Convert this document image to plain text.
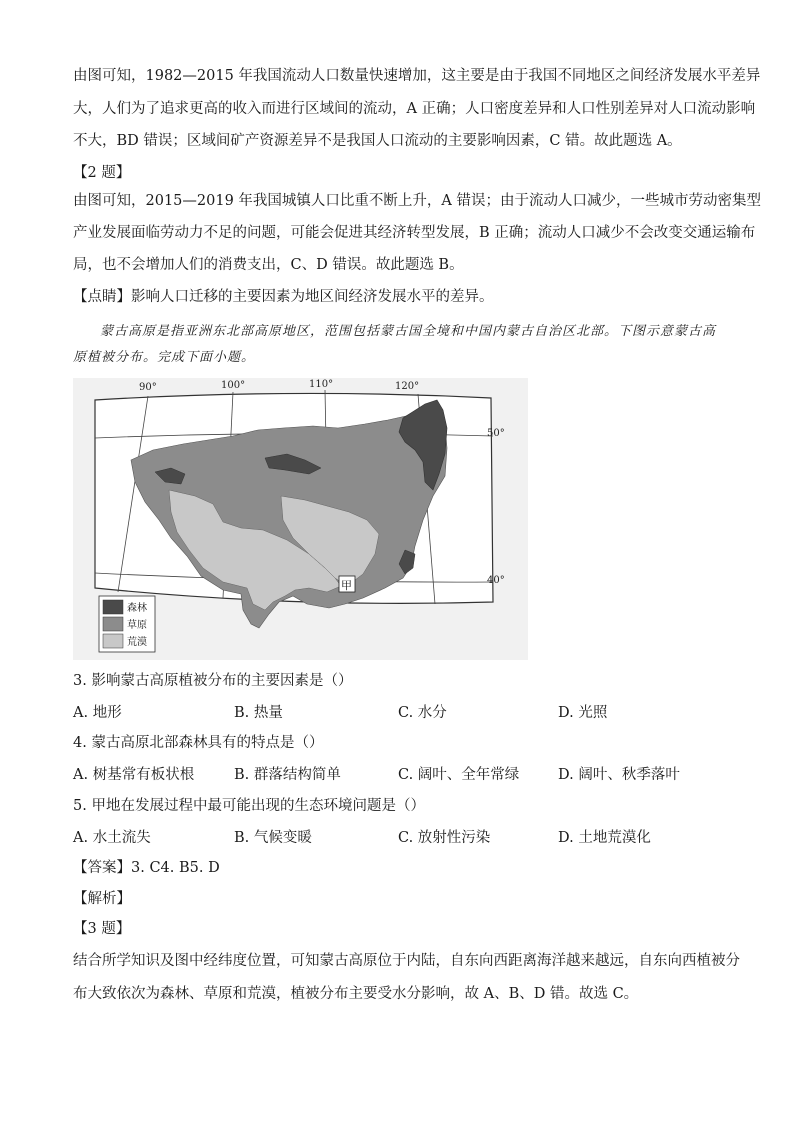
由图可知，1982—2015 年我国流动人口数量快速增加，这主要是由于我国不同地区之间经济发展水平差异
大，人们为了追求更高的收入而进行区域间的流动，A 正确；人口密度差异和人口性别差异对人口流动影响
不大，BD 错误；区域间矿产资源差异不是我国人口流动的主要影响因素，C 错。故此题选 A。
【2 题】
由图可知，2015—2019 年我国城镇人口比重不断上升，A 错误；由于流动人口减少，一些城市劳动密集型
产业发展面临劳动力不足的问题，可能会促进其经济转型发展，B 正确；流动人口减少不会改变交通运输布
局，也不会增加人们的消费支出，C、D 错误。故此题选 B。
【点睛】影响人口迁移的主要因素为地区间经济发展水平的差异。
蒙古高原是指亚洲东北部高原地区，范围包括蒙古国全境和中国内蒙古自治区北部。下图示意蒙古高
原植被分布。完成下面小题。
90°	100°	110°	120°
50°
40°
甲
森林
草原
荒漠
3. 影响蒙古高原植被分布的主要因素是（）
A. 地形	B. 热量	C. 水分	D. 光照
4. 蒙古高原北部森林具有的特点是（）
A. 树基常有板状根	B. 群落结构简单	C. 阔叶、全年常绿	D. 阔叶、秋季落叶
5. 甲地在发展过程中最可能出现的生态环境问题是（）
A. 水土流失	B. 气候变暖	C. 放射性污染	D. 土地荒漠化
【答案】3. C4. B5. D
【解析】
【3 题】
结合所学知识及图中经纬度位置，可知蒙古高原位于内陆，自东向西距离海洋越来越远，自东向西植被分
布大致依次为森林、草原和荒漠，植被分布主要受水分影响，故 A、B、D 错。故选 C。
